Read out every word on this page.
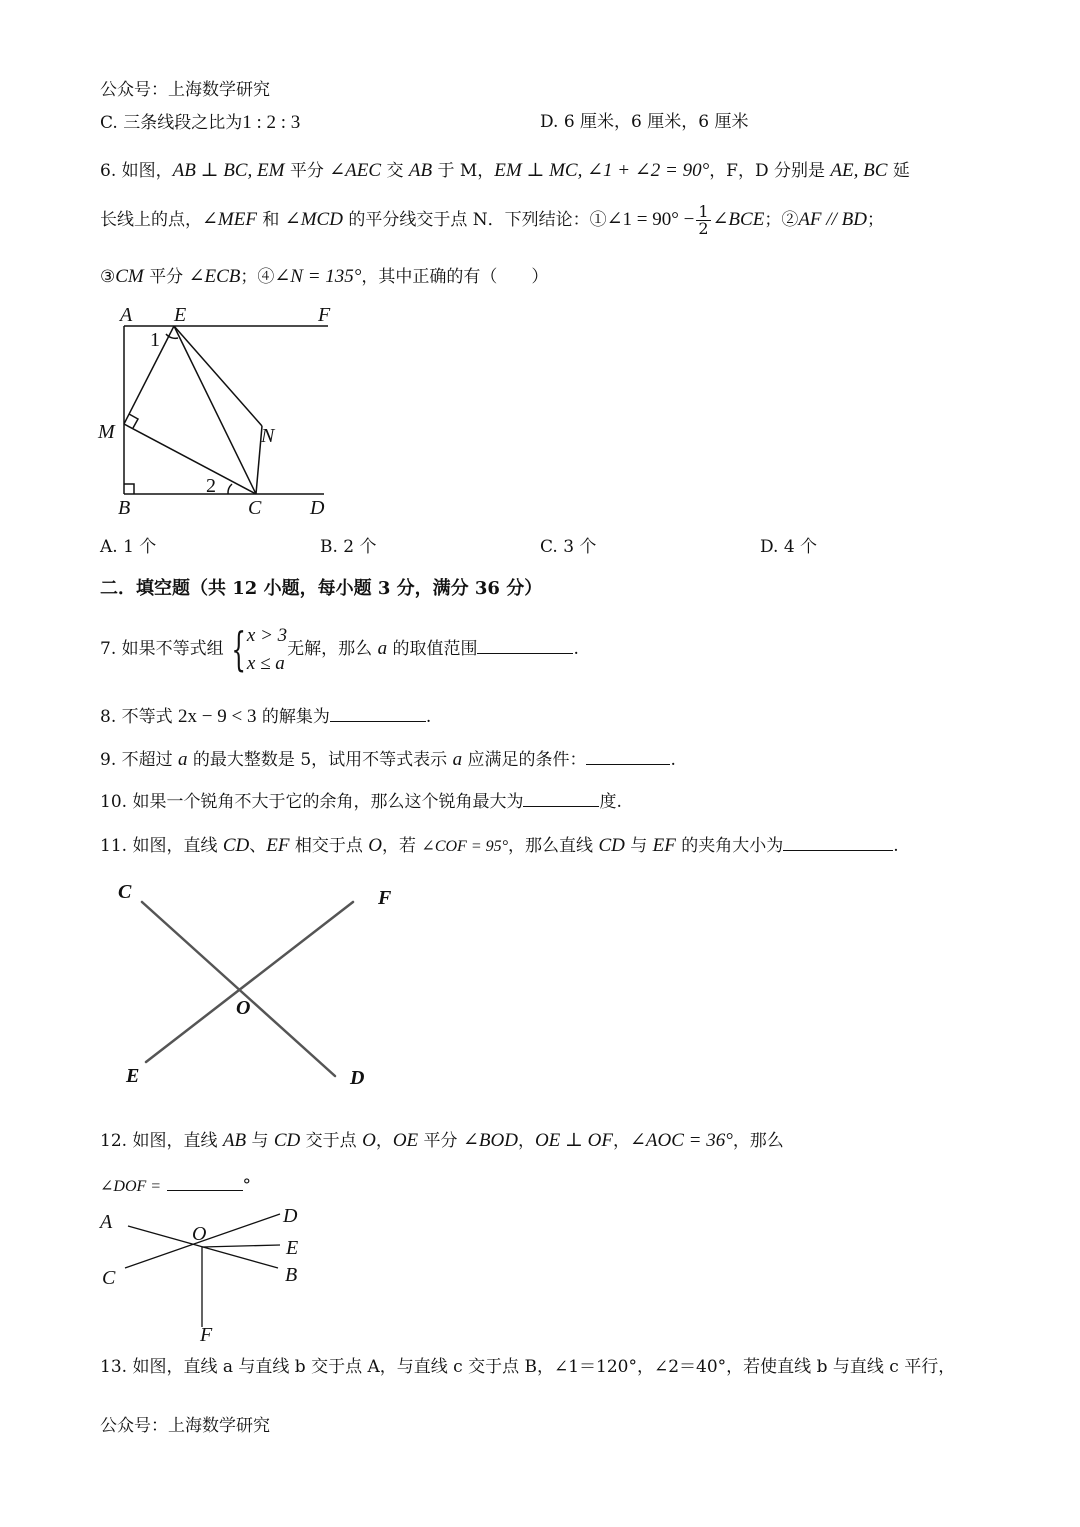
公众号：上海数学研究
C. 三条线段之比为1 : 2 : 3	D. 6 厘米，6 厘米，6 厘米
6. 如图，AB ⊥ BC, EM 平分 ∠AEC 交 AB 于 M，EM ⊥ MC, ∠1 + ∠2 = 90°，F，D 分别是 AE, BC 延
长线上的点，∠MEF 和 ∠MCD 的平分线交于点 N．下列结论：①∠1 = $90^\circ - \frac{1}{2}$ ∠BCE；②AF // BD；
③CM 平分 ∠ECB；④∠N = 135°，其中正确的有（　　）
A E	F
1
M	N
2
B	C D
A. 1 个	B. 2 个	C. 3 个	D. 4 个
二．填空题（共 12 小题，每小题 3 分，满分 36 分）
7. 如果不等式组 { x > 3
x ≤ a
无解，那么 a 的取值范围	.
8. 不等式 2x − 9 < 3 的解集为	.
9. 不超过 a 的最大整数是 5，试用不等式表示 a 应满足的条件：	.
10. 如果一个锐角不大于它的余角，那么这个锐角最大为	度.
11. 如图，直线 CD、EF 相交于点 O，若 ∠COF = 95°，那么直线 CD 与 EF 的夹角大小为	.
C	F
O
E	D
12. 如图，直线 AB 与 CD 交于点 O，OE 平分 ∠BOD，OE ⊥ OF，∠AOC = 36°，那么
∠DOF =	°
A
O
D
E
C	B
F
13. 如图，直线 a 与直线 b 交于点 A，与直线 c 交于点 B，∠1＝120°，∠2＝40°，若使直线 b 与直线 c 平行，
公众号：上海数学研究
